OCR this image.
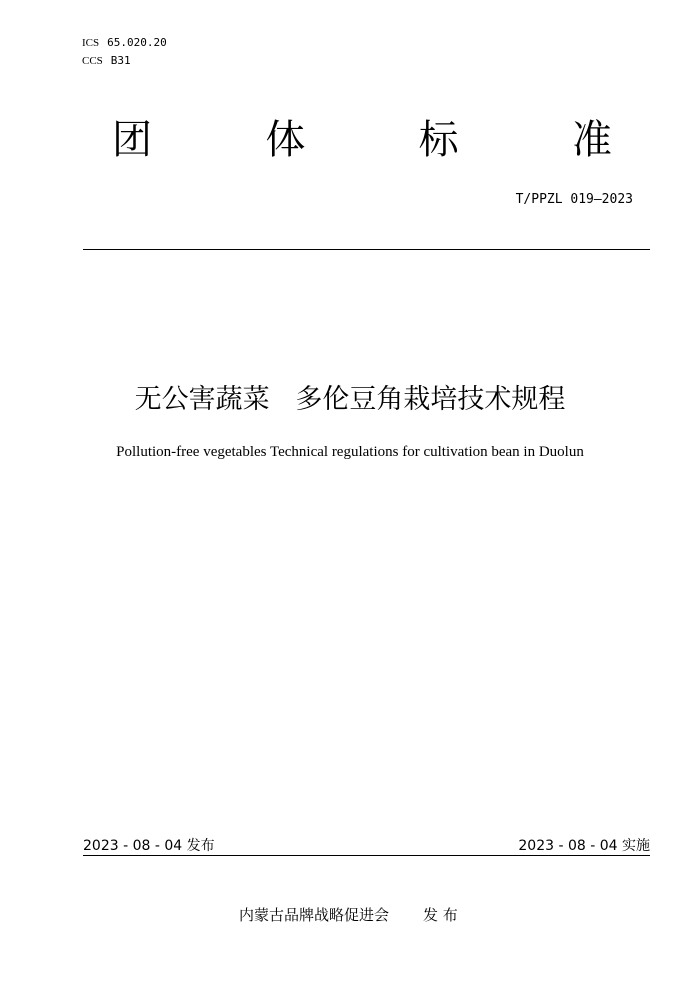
ICS 65.020.20
CCS B31
团	体	标	准
T/PPZL 019—2023
无公害蔬菜   多伦豆角栽培技术规程
Pollution-free vegetables Technical regulations for cultivation bean in Duolun
2023 - 08 - 04 发布	2023 - 08 - 04 实施
内蒙古品牌战略促进会 发 布
